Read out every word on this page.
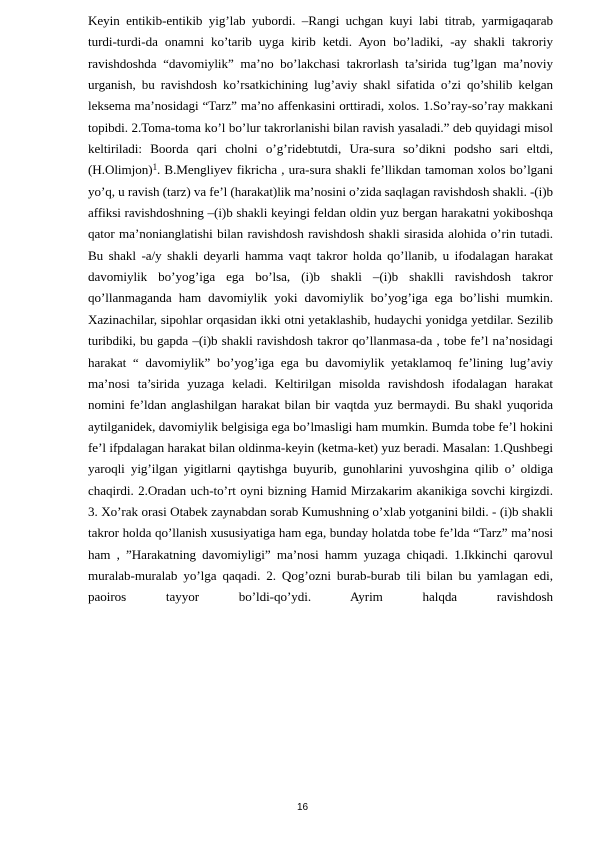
Keyin entikib-entikib yig’lab yubordi. –Rangi uchgan kuyi labi titrab, yarmigaqarab turdi-turdi-da onamni ko’tarib uyga kirib ketdi. Ayon bo’ladiki, -ay shakli takroriy ravishdoshda “davomiylik” ma’no bo’lakchasi takrorlash ta’sirida tug’lgan ma’noviy urganish, bu ravishdosh ko’rsatkichining lug’aviy shakl sifatida o’zi qo’shilib kelgan leksema ma’nosidagi “Tarz” ma’no affenkasini orttiradi, xolos. 1.So’ray-so’ray makkani topibdi. 2.Toma-toma ko’l bo’lur takrorlanishi bilan ravish yasaladi.” deb quyidagi misol keltiriladi: Boorda qari cholni o’g’ridebtutdi, Ura-sura so’dikni podsho sari eltdi, (H.Olimjon)$^1$. B.Mengliyev fikricha , ura-sura shakli fe’llikdan tamoman xolos bo’lgani yo’q, u ravish (tarz) va fe’l (harakat)lik ma’nosini o’zida saqlagan ravishdosh shakli. -(i)b affiksi ravishdoshning –(i)b shakli keyingi feldan oldin yuz bergan harakatni yokiboshqa qator ma’nonianglatishi bilan ravishdosh ravishdosh shakli sirasida alohida o’rin tutadi. Bu shakl -a/y shakli deyarli hamma vaqt takror holda qo’llanib, u ifodalagan harakat davomiylik bo’yog’iga ega bo’lsa, (i)b shakli –(i)b shaklli ravishdosh takror qo’llanmaganda ham davomiylik yoki davomiylik bo’yog’iga ega bo’lishi mumkin. Xazinachilar, sipohlar orqasidan ikki otni yetaklashib, hudaychi yonidga yetdilar. Sezilib turibdiki, bu gapda –(i)b shakli ravishdosh takror qo’llanmasa-da , tobe fe’l na’nosidagi harakat “ davomiylik” bo’yog’iga ega bu davomiylik yetaklamoq fe’lining lug’aviy ma’nosi ta’sirida yuzaga keladi. Keltirilgan misolda ravishdosh ifodalagan harakat nomini fe’ldan anglashilgan harakat bilan bir vaqtda yuz bermaydi. Bu shakl yuqorida aytilganidek, davomiylik belgisiga ega bo’lmasligi ham mumkin. Bumda tobe fe’l hokini fe’l ifpdalagan harakat bilan oldinma-keyin (ketma-ket) yuz beradi. Masalan: 1.Qushbegi yaroqli yig’ilgan yigitlarni qaytishga buyurib, gunohlarini yuvoshgina qilib o’ oldiga chaqirdi. 2.Oradan uch-to’rt oyni bizning Hamid Mirzakarim akanikiga sovchi kirgizdi. 3. Xo’rak orasi Otabek zaynabdan sorab Kumushning o’xlab yotganini bildi. - (i)b shakli takror holda qo’llanish xususiyatiga ham ega, bunday holatda tobe fe’lda “Tarz” ma’nosi ham , ”Harakatning davomiyligi” ma’nosi hamm yuzaga chiqadi. 1.Ikkinchi qarovul muralab-muralab yo’lga qaqadi. 2. Qog’ozni burab-burab tili bilan bu yamlagan edi, paoiros tayyor bo’ldi-qo’ydi. Ayrim halqda ravishdosh

16
